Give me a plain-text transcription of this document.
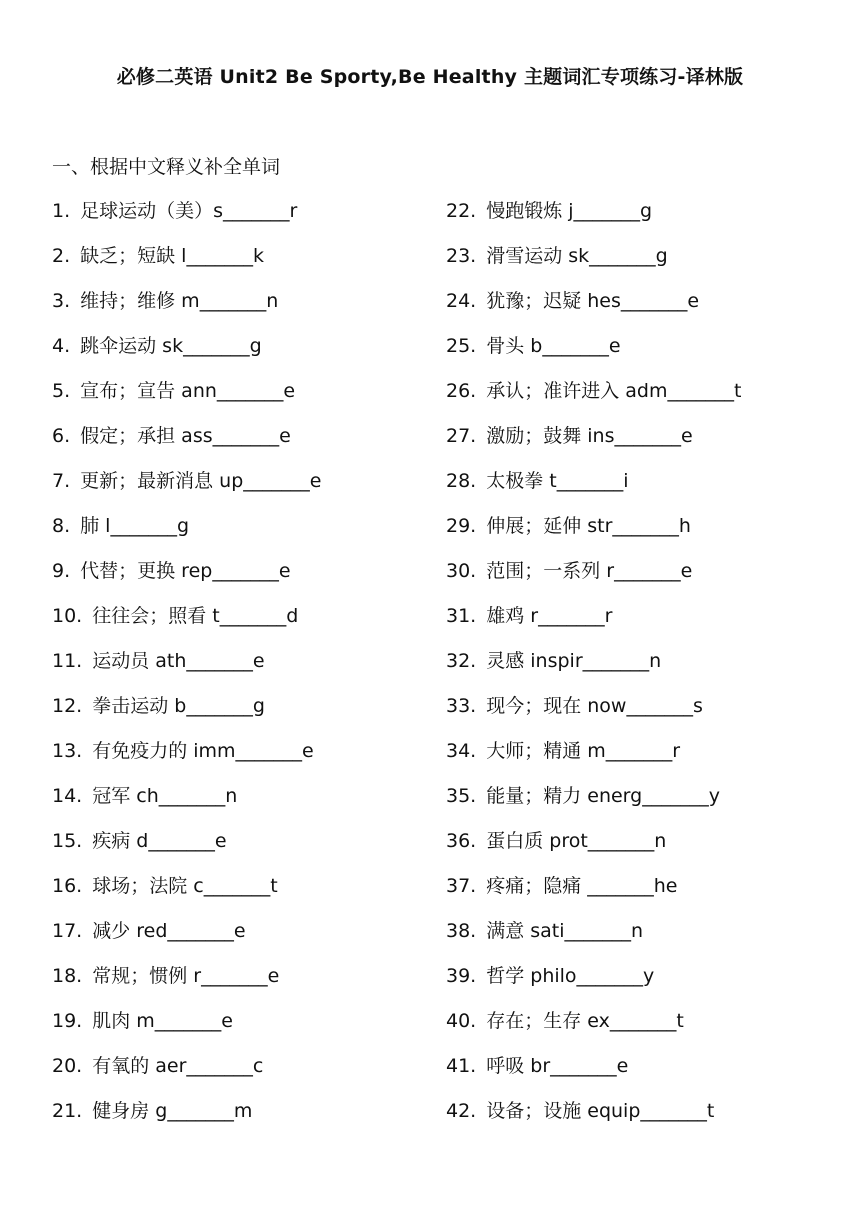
必修二英语 Unit2 Be Sporty,Be Healthy 主题词汇专项练习-译林版
一、根据中文释义补全单词
1. 足球运动（美）s_______r
2. 缺乏；短缺 l_______k
3. 维持；维修 m_______n
4. 跳伞运动 sk_______g
5. 宣布；宣告 ann_______e
6. 假定；承担 ass_______e
7. 更新；最新消息 up_______e
8. 肺 l_______g
9. 代替；更换 rep_______e
10. 往往会；照看 t_______d
11. 运动员 ath_______e
12. 拳击运动 b_______g
13. 有免疫力的 imm_______e
14. 冠军 ch_______n
15. 疾病 d_______e
16. 球场；法院 c_______t
17. 减少 red_______e
18. 常规；惯例 r_______e
19. 肌肉 m_______e
20. 有氧的 aer_______c
21. 健身房 g_______m
22. 慢跑锻炼 j_______g
23. 滑雪运动 sk_______g
24. 犹豫；迟疑 hes_______e
25. 骨头 b_______e
26. 承认；准许进入 adm_______t
27. 激励；鼓舞 ins_______e
28. 太极拳 t_______i
29. 伸展；延伸 str_______h
30. 范围；一系列 r_______e
31. 雄鸡 r_______r
32. 灵感 inspir_______n
33. 现今；现在 now_______s
34. 大师；精通 m_______r
35. 能量；精力 energ_______y
36. 蛋白质 prot_______n
37. 疼痛；隐痛 _______he
38. 满意 sati_______n
39. 哲学 philo_______y
40. 存在；生存 ex_______t
41. 呼吸 br_______e
42. 设备；设施 equip_______t
